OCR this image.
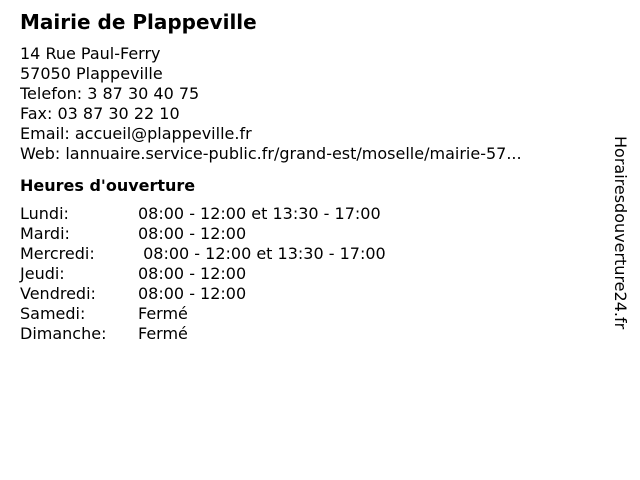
Mairie de Plappeville
14 Rue Paul-Ferry
57050 Plappeville
Telefon: 3 87 30 40 75
Fax: 03 87 30 22 10
Email: accueil@plappeville.fr
Web: lannuaire.service-public.fr/grand-est/moselle/mairie-57...
Heures d'ouverture
Lundi:	08:00 - 12:00 et 13:30 - 17:00
Mardi:	08:00 - 12:00
Mercredi:	08:00 - 12:00 et 13:30 - 17:00
Jeudi:	08:00 - 12:00
Vendredi:	08:00 - 12:00
Samedi:	Fermé
Dimanche:	Fermé
Horairesdouverture24.fr
